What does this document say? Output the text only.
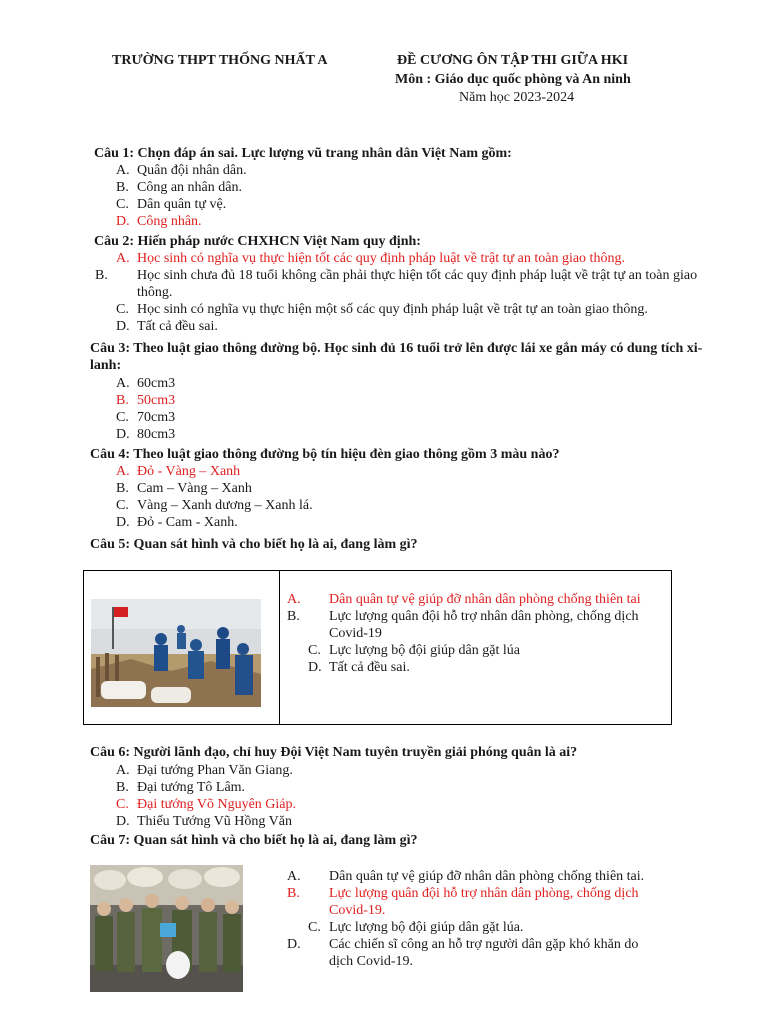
TRƯỜNG THPT THỐNG NHẤT A	ĐỀ CƯƠNG ÔN TẬP THI GIỮA HKI
Môn : Giáo dục quốc phòng và An ninh
Năm học 2023-2024
Câu 1: Chọn đáp án sai. Lực lượng vũ trang nhân dân Việt Nam gồm:
A. Quân đội nhân dân.
B. Công an nhân dân.
C. Dân quân tự vệ.
D. Công nhân.
Câu 2: Hiến pháp nước CHXHCN Việt Nam quy định:
A. Học sinh có nghĩa vụ thực hiện tốt các quy định pháp luật về trật tự an toàn giao thông.
B. Học sinh chưa đủ 18 tuổi không cần phải thực hiện tốt các quy định pháp luật về trật tự an toàn giao thông.
C. Học sinh có nghĩa vụ thực hiện một số các quy định pháp luật về trật tự an toàn giao thông.
D. Tất cả đều sai.
Câu 3: Theo luật giao thông đường bộ. Học sinh đủ 16 tuổi trở lên được lái xe gắn máy có dung tích xi-lanh:
A. 60cm3
B. 50cm3
C. 70cm3
D. 80cm3
Câu 4: Theo luật giao thông đường bộ tín hiệu đèn giao thông gồm 3 màu nào?
A. Đỏ - Vàng – Xanh
B. Cam – Vàng – Xanh
C. Vàng – Xanh dương – Xanh lá.
D. Đỏ - Cam - Xanh.
Câu 5: Quan sát hình và cho biết họ là ai, đang làm gì?
A. Dân quân tự vệ giúp đỡ nhân dân phòng chống thiên tai
B. Lực lượng quân đội hỗ trợ nhân dân phòng, chống dịch Covid-19
C. Lực lượng bộ đội giúp dân gặt lúa
D. Tất cả đều sai.
Câu 6: Người lãnh đạo, chỉ huy Đội Việt Nam tuyên truyền giải phóng quân là ai?
A. Đại tướng Phan Văn Giang.
B. Đại tướng Tô Lâm.
C. Đại tướng Võ Nguyên Giáp.
D. Thiếu Tướng Vũ Hồng Văn
Câu 7: Quan sát hình và cho biết họ là ai, đang làm gì?
A. Dân quân tự vệ giúp đỡ nhân dân phòng chống thiên tai.
B. Lực lượng quân đội hỗ trợ nhân dân phòng, chống dịch Covid-19.
C. Lực lượng bộ đội giúp dân gặt lúa.
D. Các chiến sĩ công an hỗ trợ người dân gặp khó khăn do dịch Covid-19.
